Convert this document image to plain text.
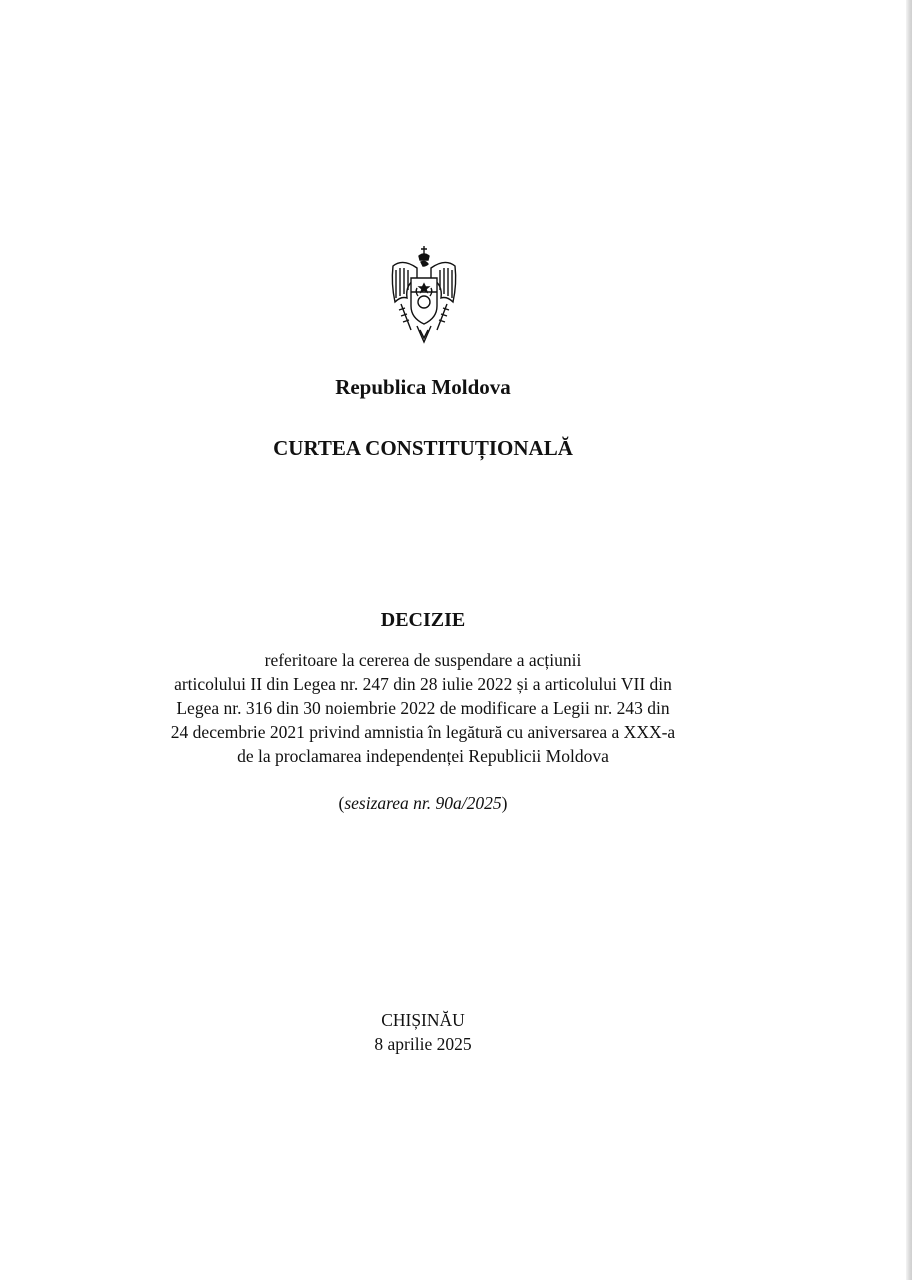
Republica Moldova
CURTEA CONSTITUȚIONALĂ
DECIZIE
referitoare la cererea de suspendare a acțiunii
articolului II din Legea nr. 247 din 28 iulie 2022 și a articolului VII din
Legea nr. 316 din 30 noiembrie 2022 de modificare a Legii nr. 243 din
24 decembrie 2021 privind amnistia în legătură cu aniversarea a XXX-a
de la proclamarea independenței Republicii Moldova
(sesizarea nr. 90a/2025)
CHIȘINĂU
8 aprilie 2025
